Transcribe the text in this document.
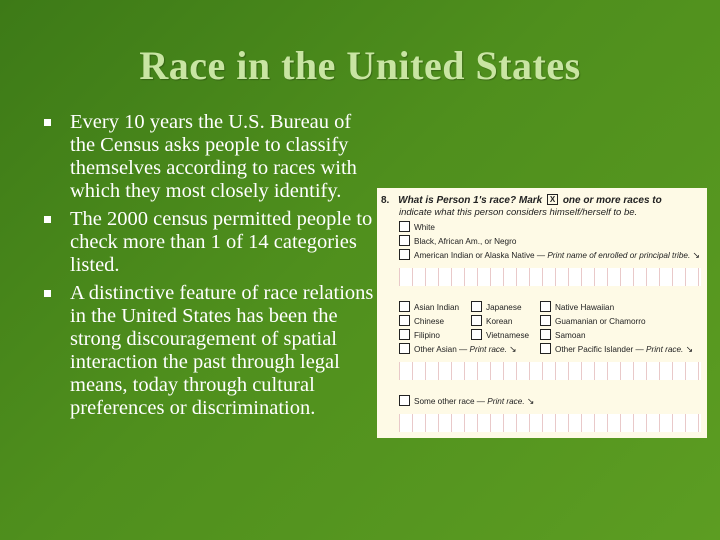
Race in the United States
Every 10 years the U.S. Bureau of the Census asks people to classify themselves according to races with which they most closely identify.
The 2000 census permitted people to check more than 1 of 14 categories listed.
A distinctive feature of race relations in the United States has been the strong discouragement of spatial interaction the past through legal means, today through cultural preferences or discrimination.
8. What is Person 1's race? Mark X one or more races to
indicate what this person considers himself/herself to be.
White
Black, African Am., or Negro
American Indian or Alaska Native — Print name of enrolled or principal tribe. ↘
Asian Indian
Chinese
Filipino
Other Asian — Print race. ↘
Japanese
Korean
Vietnamese
Native Hawaiian
Guamanian or Chamorro
Samoan
Other Pacific Islander — Print race. ↘
Some other race — Print race. ↘
